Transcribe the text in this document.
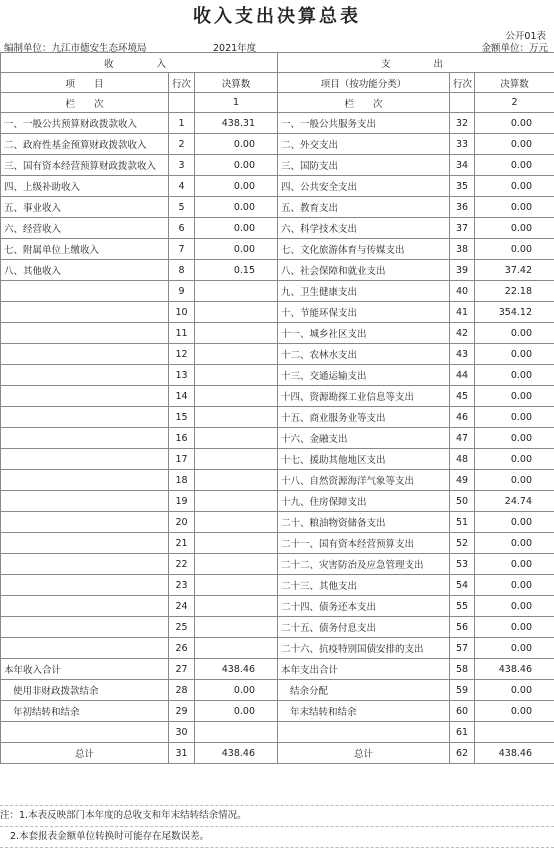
收入支出决算总表
公开01表
编制单位：九江市德安生态环境局	2021年度	金额单位：万元
收　　入			支　　出		
项　　目	行次	决算数	项目（按功能分类）	行次	决算数
栏　　次		1	栏　　次		2
一、一般公共预算财政拨款收入	1	438.31	一、一般公共服务支出	32	0.00
二、政府性基金预算财政拨款收入	2	0.00	二、外交支出	33	0.00
三、国有资本经营预算财政拨款收入	3	0.00	三、国防支出	34	0.00
四、上级补助收入	4	0.00	四、公共安全支出	35	0.00
五、事业收入	5	0.00	五、教育支出	36	0.00
六、经营收入	6	0.00	六、科学技术支出	37	0.00
七、附属单位上缴收入	7	0.00	七、文化旅游体育与传媒支出	38	0.00
八、其他收入	8	0.15	八、社会保障和就业支出	39	37.42
	9		九、卫生健康支出	40	22.18
	10		十、节能环保支出	41	354.12
	11		十一、城乡社区支出	42	0.00
	12		十二、农林水支出	43	0.00
	13		十三、交通运输支出	44	0.00
	14		十四、资源勘探工业信息等支出	45	0.00
	15		十五、商业服务业等支出	46	0.00
	16		十六、金融支出	47	0.00
	17		十七、援助其他地区支出	48	0.00
	18		十八、自然资源海洋气象等支出	49	0.00
	19		十九、住房保障支出	50	24.74
	20		二十、粮油物资储备支出	51	0.00
	21		二十一、国有资本经营预算支出	52	0.00
	22		二十二、灾害防治及应急管理支出	53	0.00
	23		二十三、其他支出	54	0.00
	24		二十四、债务还本支出	55	0.00
	25		二十五、债务付息支出	56	0.00
	26		二十六、抗疫特别国债安排的支出	57	0.00
本年收入合计	27	438.46	本年支出合计	58	438.46
使用非财政拨款结余	28	0.00	结余分配	59	0.00
年初结转和结余	29	0.00	年末结转和结余	60	0.00
	30			61	
总计	31	438.46	总计	62	438.46
注：1.本表反映部门本年度的总收支和年末结转结余情况。
2.本套报表金额单位转换时可能存在尾数误差。
